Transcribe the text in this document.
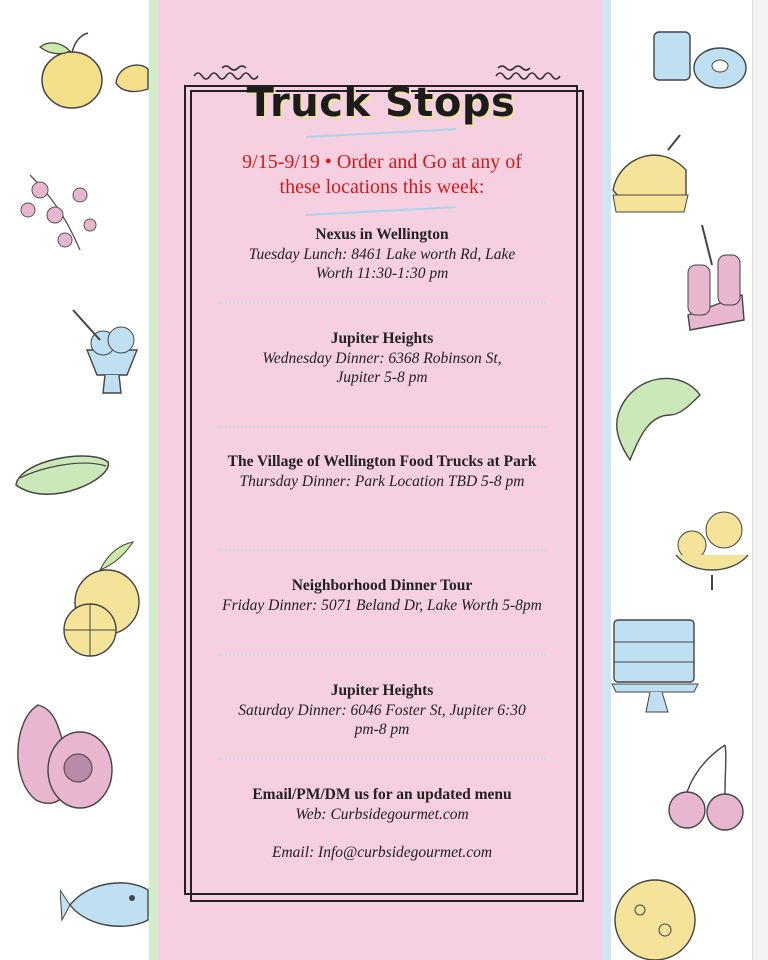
Truck Stops
9/15-9/19 • Order and Go at any of
these locations this week:
Nexus in Wellington
Tuesday Lunch: 8461 Lake worth Rd, Lake Worth 11:30-1:30 pm
Jupiter Heights
Wednesday Dinner: 6368 Robinson St, Jupiter 5-8 pm
The Village of Wellington Food Trucks at Park
Thursday Dinner: Park Location TBD 5-8 pm
Neighborhood Dinner Tour
Friday Dinner: 5071 Beland Dr, Lake Worth 5-8pm
Jupiter Heights
Saturday Dinner: 6046 Foster St, Jupiter 6:30 pm-8 pm
Email/PM/DM us for an updated menu
Web: Curbsidegourmet.com
Email: Info@curbsidegourmet.com
